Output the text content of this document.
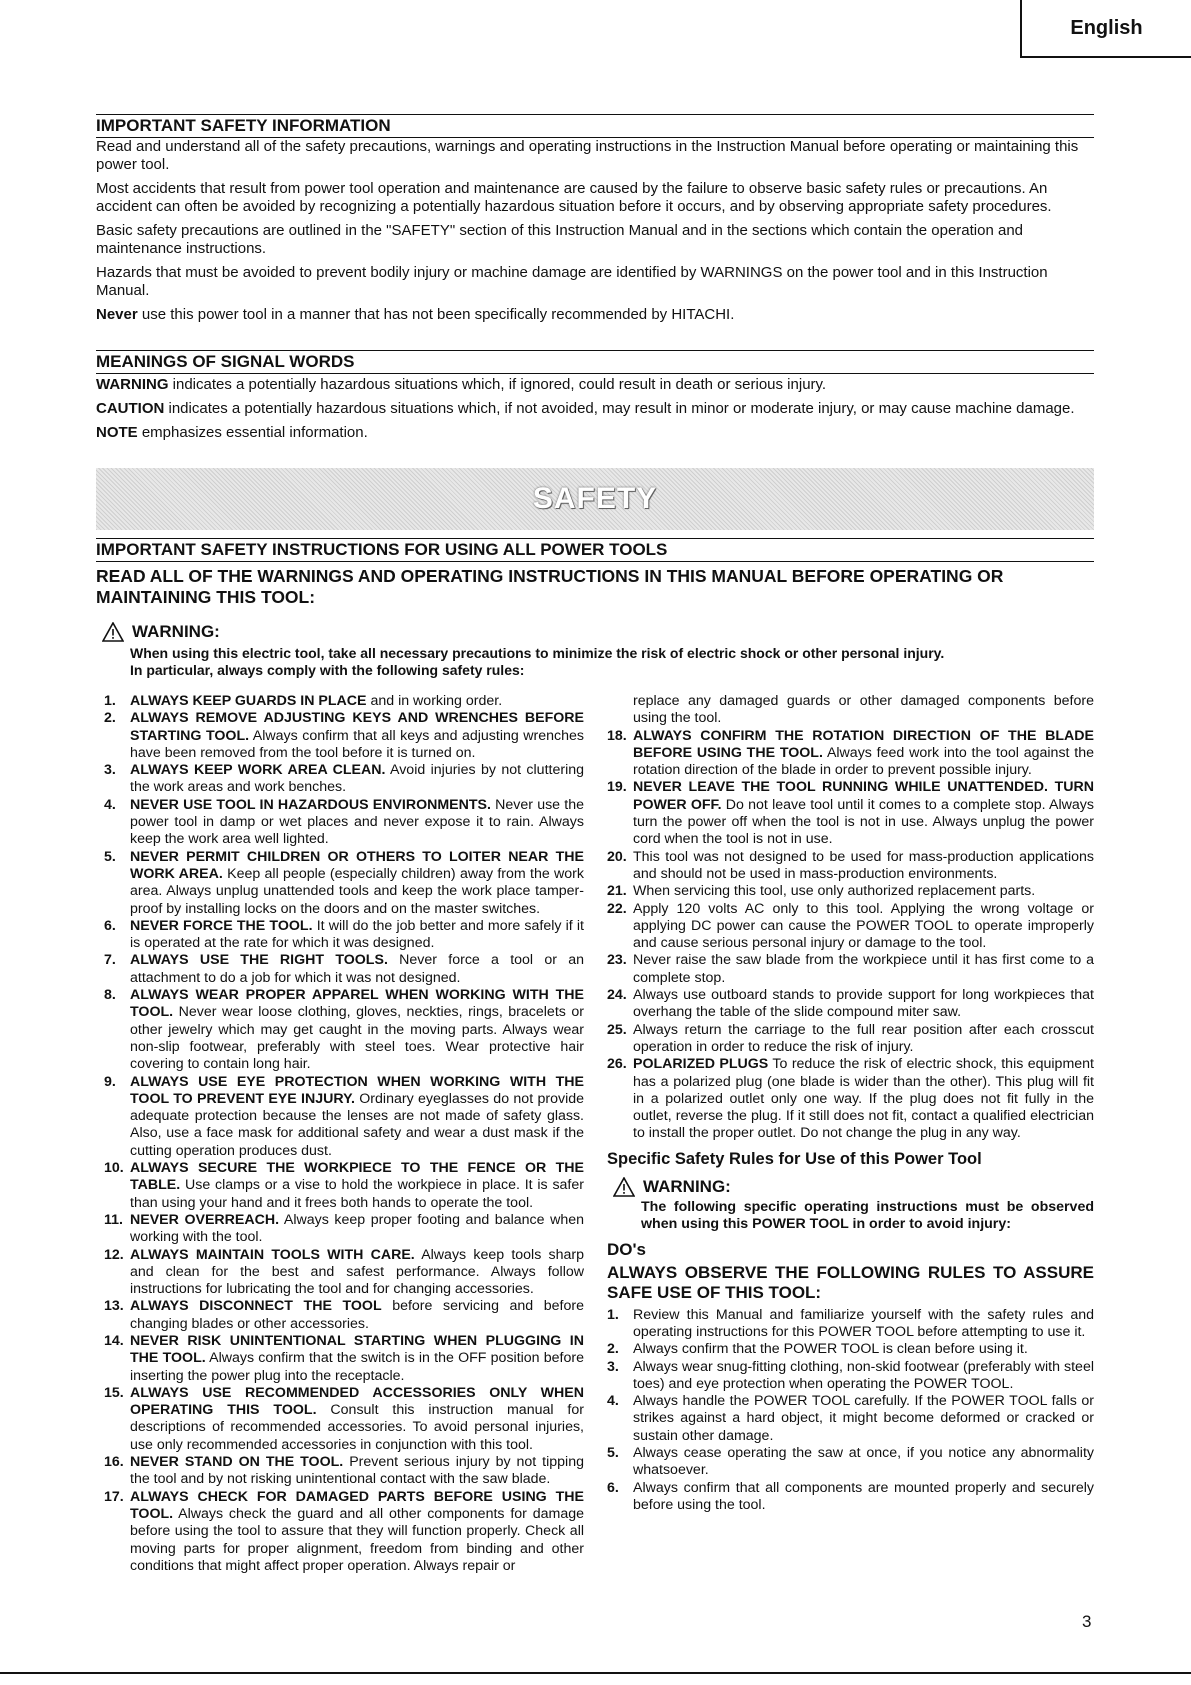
English
IMPORTANT SAFETY INFORMATION

Read and understand all of the safety precautions, warnings and operating instructions in the Instruction Manual before operating or maintaining this power tool.

Most accidents that result from power tool operation and maintenance are caused by the failure to observe basic safety rules or precautions. An accident can often be avoided by recognizing a potentially hazardous situation before it occurs, and by observing appropriate safety procedures.

Basic safety precautions are outlined in the "SAFETY" section of this Instruction Manual and in the sections which contain the operation and maintenance instructions.

Hazards that must be avoided to prevent bodily injury or machine damage are identified by WARNINGS on the power tool and in this Instruction Manual.

Never use this power tool in a manner that has not been specifically recommended by HITACHI.

MEANINGS OF SIGNAL WORDS

WARNING indicates a potentially hazardous situations which, if ignored, could result in death or serious injury.

CAUTION indicates a potentially hazardous situations which, if not avoided, may result in minor or moderate injury, or may cause machine damage.

NOTE emphasizes essential information.

SAFETY
IMPORTANT SAFETY INSTRUCTIONS FOR USING ALL POWER TOOLS
READ ALL OF THE WARNINGS AND OPERATING INSTRUCTIONS IN THIS MANUAL BEFORE OPERATING OR MAINTAINING THIS TOOL:
WARNING:
When using this electric tool, take all necessary precautions to minimize the risk of electric shock or other personal injury.
In particular, always comply with the following safety rules:
1. ALWAYS KEEP GUARDS IN PLACE and in working order.
2. ALWAYS REMOVE ADJUSTING KEYS AND WRENCHES BEFORE STARTING TOOL. Always confirm that all keys and adjusting wrenches have been removed from the tool before it is turned on.
3. ALWAYS KEEP WORK AREA CLEAN. Avoid injuries by not cluttering the work areas and work benches.
4. NEVER USE TOOL IN HAZARDOUS ENVIRONMENTS. Never use the power tool in damp or wet places and never expose it to rain. Always keep the work area well lighted.
5. NEVER PERMIT CHILDREN OR OTHERS TO LOITER NEAR THE WORK AREA. Keep all people (especially children) away from the work area. Always unplug unattended tools and keep the work place tamper-proof by installing locks on the doors and on the master switches.
6. NEVER FORCE THE TOOL. It will do the job better and more safely if it is operated at the rate for which it was designed.
7. ALWAYS USE THE RIGHT TOOLS. Never force a tool or an attachment to do a job for which it was not designed.
8. ALWAYS WEAR PROPER APPAREL WHEN WORKING WITH THE TOOL. Never wear loose clothing, gloves, neckties, rings, bracelets or other jewelry which may get caught in the moving parts. Always wear non-slip footwear, preferably with steel toes. Wear protective hair covering to contain long hair.
9. ALWAYS USE EYE PROTECTION WHEN WORKING WITH THE TOOL TO PREVENT EYE INJURY. Ordinary eyeglasses do not provide adequate protection because the lenses are not made of safety glass. Also, use a face mask for additional safety and wear a dust mask if the cutting operation produces dust.
10. ALWAYS SECURE THE WORKPIECE TO THE FENCE OR THE TABLE. Use clamps or a vise to hold the workpiece in place. It is safer than using your hand and it frees both hands to operate the tool.
11. NEVER OVERREACH. Always keep proper footing and balance when working with the tool.
12. ALWAYS MAINTAIN TOOLS WITH CARE. Always keep tools sharp and clean for the best and safest performance. Always follow instructions for lubricating the tool and for changing accessories.
13. ALWAYS DISCONNECT THE TOOL before servicing and before changing blades or other accessories.
14. NEVER RISK UNINTENTIONAL STARTING WHEN PLUGGING IN THE TOOL. Always confirm that the switch is in the OFF position before inserting the power plug into the receptacle.
15. ALWAYS USE RECOMMENDED ACCESSORIES ONLY WHEN OPERATING THIS TOOL. Consult this instruction manual for descriptions of recommended accessories. To avoid personal injuries, use only recommended accessories in conjunction with this tool.
16. NEVER STAND ON THE TOOL. Prevent serious injury by not tipping the tool and by not risking unintentional contact with the saw blade.
17. ALWAYS CHECK FOR DAMAGED PARTS BEFORE USING THE TOOL. Always check the guard and all other components for damage before using the tool to assure that they will function properly. Check all moving parts for proper alignment, freedom from binding and other conditions that might affect proper operation. Always repair or
replace any damaged guards or other damaged components before using the tool.
18. ALWAYS CONFIRM THE ROTATION DIRECTION OF THE BLADE BEFORE USING THE TOOL. Always feed work into the tool against the rotation direction of the blade in order to prevent possible injury.
19. NEVER LEAVE THE TOOL RUNNING WHILE UNATTENDED. TURN POWER OFF. Do not leave tool until it comes to a complete stop. Always turn the power off when the tool is not in use. Always unplug the power cord when the tool is not in use.
20. This tool was not designed to be used for mass-production applications and should not be used in mass-production environments.
21. When servicing this tool, use only authorized replacement parts.
22. Apply 120 volts AC only to this tool. Applying the wrong voltage or applying DC power can cause the POWER TOOL to operate improperly and cause serious personal injury or damage to the tool.
23. Never raise the saw blade from the workpiece until it has first come to a complete stop.
24. Always use outboard stands to provide support for long workpieces that overhang the table of the slide compound miter saw.
25. Always return the carriage to the full rear position after each crosscut operation in order to reduce the risk of injury.
26. POLARIZED PLUGS To reduce the risk of electric shock, this equipment has a polarized plug (one blade is wider than the other). This plug will fit in a polarized outlet only one way. If the plug does not fit fully in the outlet, reverse the plug. If it still does not fit, contact a qualified electrician to install the proper outlet. Do not change the plug in any way.
Specific Safety Rules for Use of this Power Tool
WARNING:
The following specific operating instructions must be observed when using this POWER TOOL in order to avoid injury:
DO's
ALWAYS OBSERVE THE FOLLOWING RULES TO ASSURE SAFE USE OF THIS TOOL:
1. Review this Manual and familiarize yourself with the safety rules and operating instructions for this POWER TOOL before attempting to use it.
2. Always confirm that the POWER TOOL is clean before using it.
3. Always wear snug-fitting clothing, non-skid footwear (preferably with steel toes) and eye protection when operating the POWER TOOL.
4. Always handle the POWER TOOL carefully. If the POWER TOOL falls or strikes against a hard object, it might become deformed or cracked or sustain other damage.
5. Always cease operating the saw at once, if you notice any abnormality whatsoever.
6. Always confirm that all components are mounted properly and securely before using the tool.
3
